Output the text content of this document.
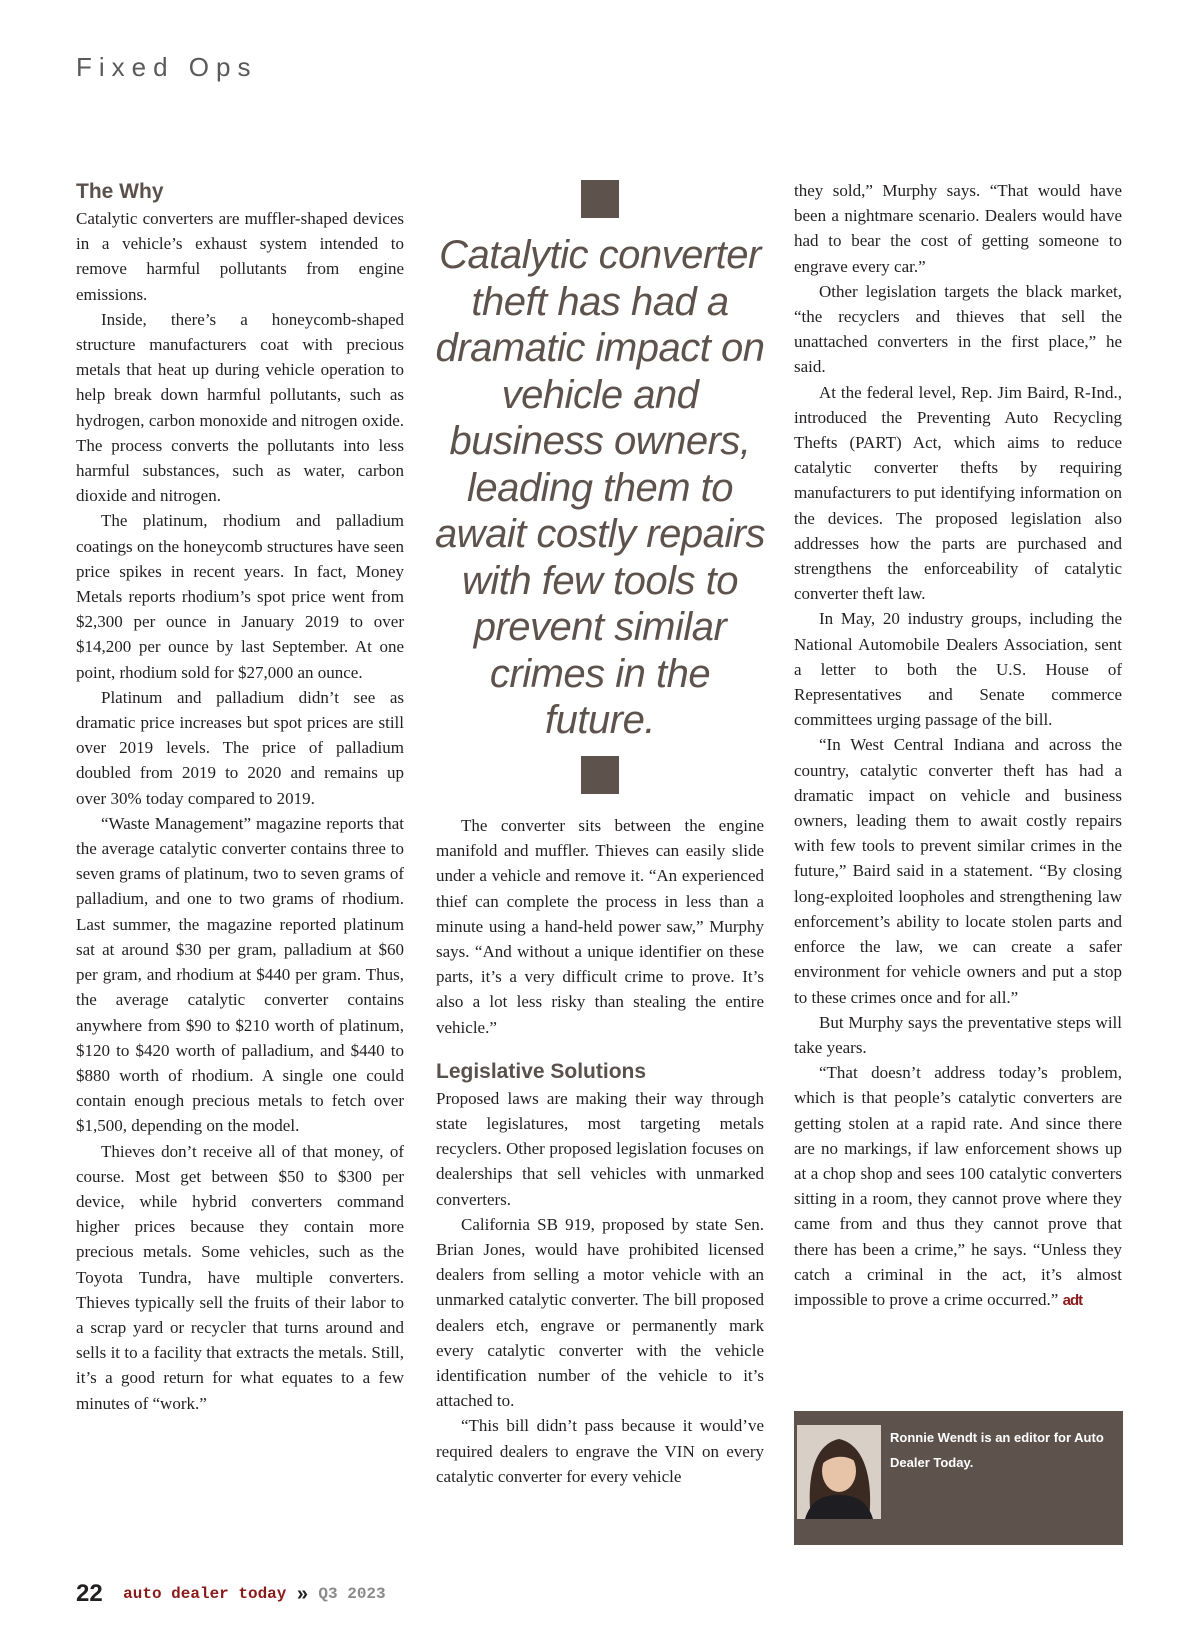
Fixed Ops
The Why

Catalytic converters are muffler-shaped devices in a vehicle’s exhaust system intended to remove harmful pollutants from engine emissions.

Inside, there’s a honeycomb-shaped structure manufacturers coat with precious metals that heat up during vehicle operation to help break down harmful pollutants, such as hydrogen, carbon monoxide and nitrogen oxide. The process converts the pollutants into less harmful substances, such as water, carbon dioxide and nitrogen.

The platinum, rhodium and palladium coatings on the honeycomb structures have seen price spikes in recent years. In fact, Money Metals reports rhodium’s spot price went from $2,300 per ounce in January 2019 to over $14,200 per ounce by last September. At one point, rhodium sold for $27,000 an ounce.

Platinum and palladium didn’t see as dramatic price increases but spot prices are still over 2019 levels. The price of palladium doubled from 2019 to 2020 and remains up over 30% today compared to 2019.

“Waste Management” magazine reports that the average catalytic converter contains three to seven grams of platinum, two to seven grams of palladium, and one to two grams of rhodium. Last summer, the magazine reported platinum sat at around $30 per gram, palladium at $60 per gram, and rhodium at $440 per gram. Thus, the average catalytic converter contains anywhere from $90 to $210 worth of platinum, $120 to $420 worth of palladium, and $440 to $880 worth of rhodium. A single one could contain enough precious metals to fetch over $1,500, depending on the model.

Thieves don’t receive all of that money, of course. Most get between $50 to $300 per device, while hybrid converters command higher prices because they contain more precious metals. Some vehicles, such as the Toyota Tundra, have multiple converters. Thieves typically sell the fruits of their labor to a scrap yard or recycler that turns around and sells it to a facility that extracts the metals. Still, it’s a good return for what equates to a few minutes of “work.”

Catalytic converter theft has had a dramatic impact on vehicle and business owners, leading them to await costly repairs with few tools to prevent similar crimes in the future.

The converter sits between the engine manifold and muffler. Thieves can easily slide under a vehicle and remove it. “An experienced thief can complete the process in less than a minute using a hand-held power saw,” Murphy says. “And without a unique identifier on these parts, it’s a very difficult crime to prove. It’s also a lot less risky than stealing the entire vehicle.”

Legislative Solutions

Proposed laws are making their way through state legislatures, most targeting metals recyclers. Other proposed legislation focuses on dealerships that sell vehicles with unmarked converters.

California SB 919, proposed by state Sen. Brian Jones, would have prohibited licensed dealers from selling a motor vehicle with an unmarked catalytic converter. The bill proposed dealers etch, engrave or permanently mark every catalytic converter with the vehicle identification number of the vehicle to it’s attached to.

“This bill didn’t pass because it would’ve required dealers to engrave the VIN on every catalytic converter for every vehicle

they sold,” Murphy says. “That would have been a nightmare scenario. Dealers would have had to bear the cost of getting someone to engrave every car.”

Other legislation targets the black market, “the recyclers and thieves that sell the unattached converters in the first place,” he said.

At the federal level, Rep. Jim Baird, R-Ind., introduced the Preventing Auto Recycling Thefts (PART) Act, which aims to reduce catalytic converter thefts by requiring manufacturers to put identifying information on the devices. The proposed legislation also addresses how the parts are purchased and strengthens the enforceability of catalytic converter theft law.

In May, 20 industry groups, including the National Automobile Dealers Association, sent a letter to both the U.S. House of Representatives and Senate commerce committees urging passage of the bill.

“In West Central Indiana and across the country, catalytic converter theft has had a dramatic impact on vehicle and business owners, leading them to await costly repairs with few tools to prevent similar crimes in the future,” Baird said in a statement. “By closing long-exploited loopholes and strengthening law enforcement’s ability to locate stolen parts and enforce the law, we can create a safer environment for vehicle owners and put a stop to these crimes once and for all.”

But Murphy says the preventative steps will take years.

“That doesn’t address today’s problem, which is that people’s catalytic converters are getting stolen at a rapid rate. And since there are no markings, if law enforcement shows up at a chop shop and sees 100 catalytic converters sitting in a room, they cannot prove where they came from and thus they cannot prove that there has been a crime,” he says. “Unless they catch a criminal in the act, it’s almost impossible to prove a crime occurred.” adt

Ronnie Wendt is an editor for Auto Dealer Today.
22 auto dealer today » Q3 2023
